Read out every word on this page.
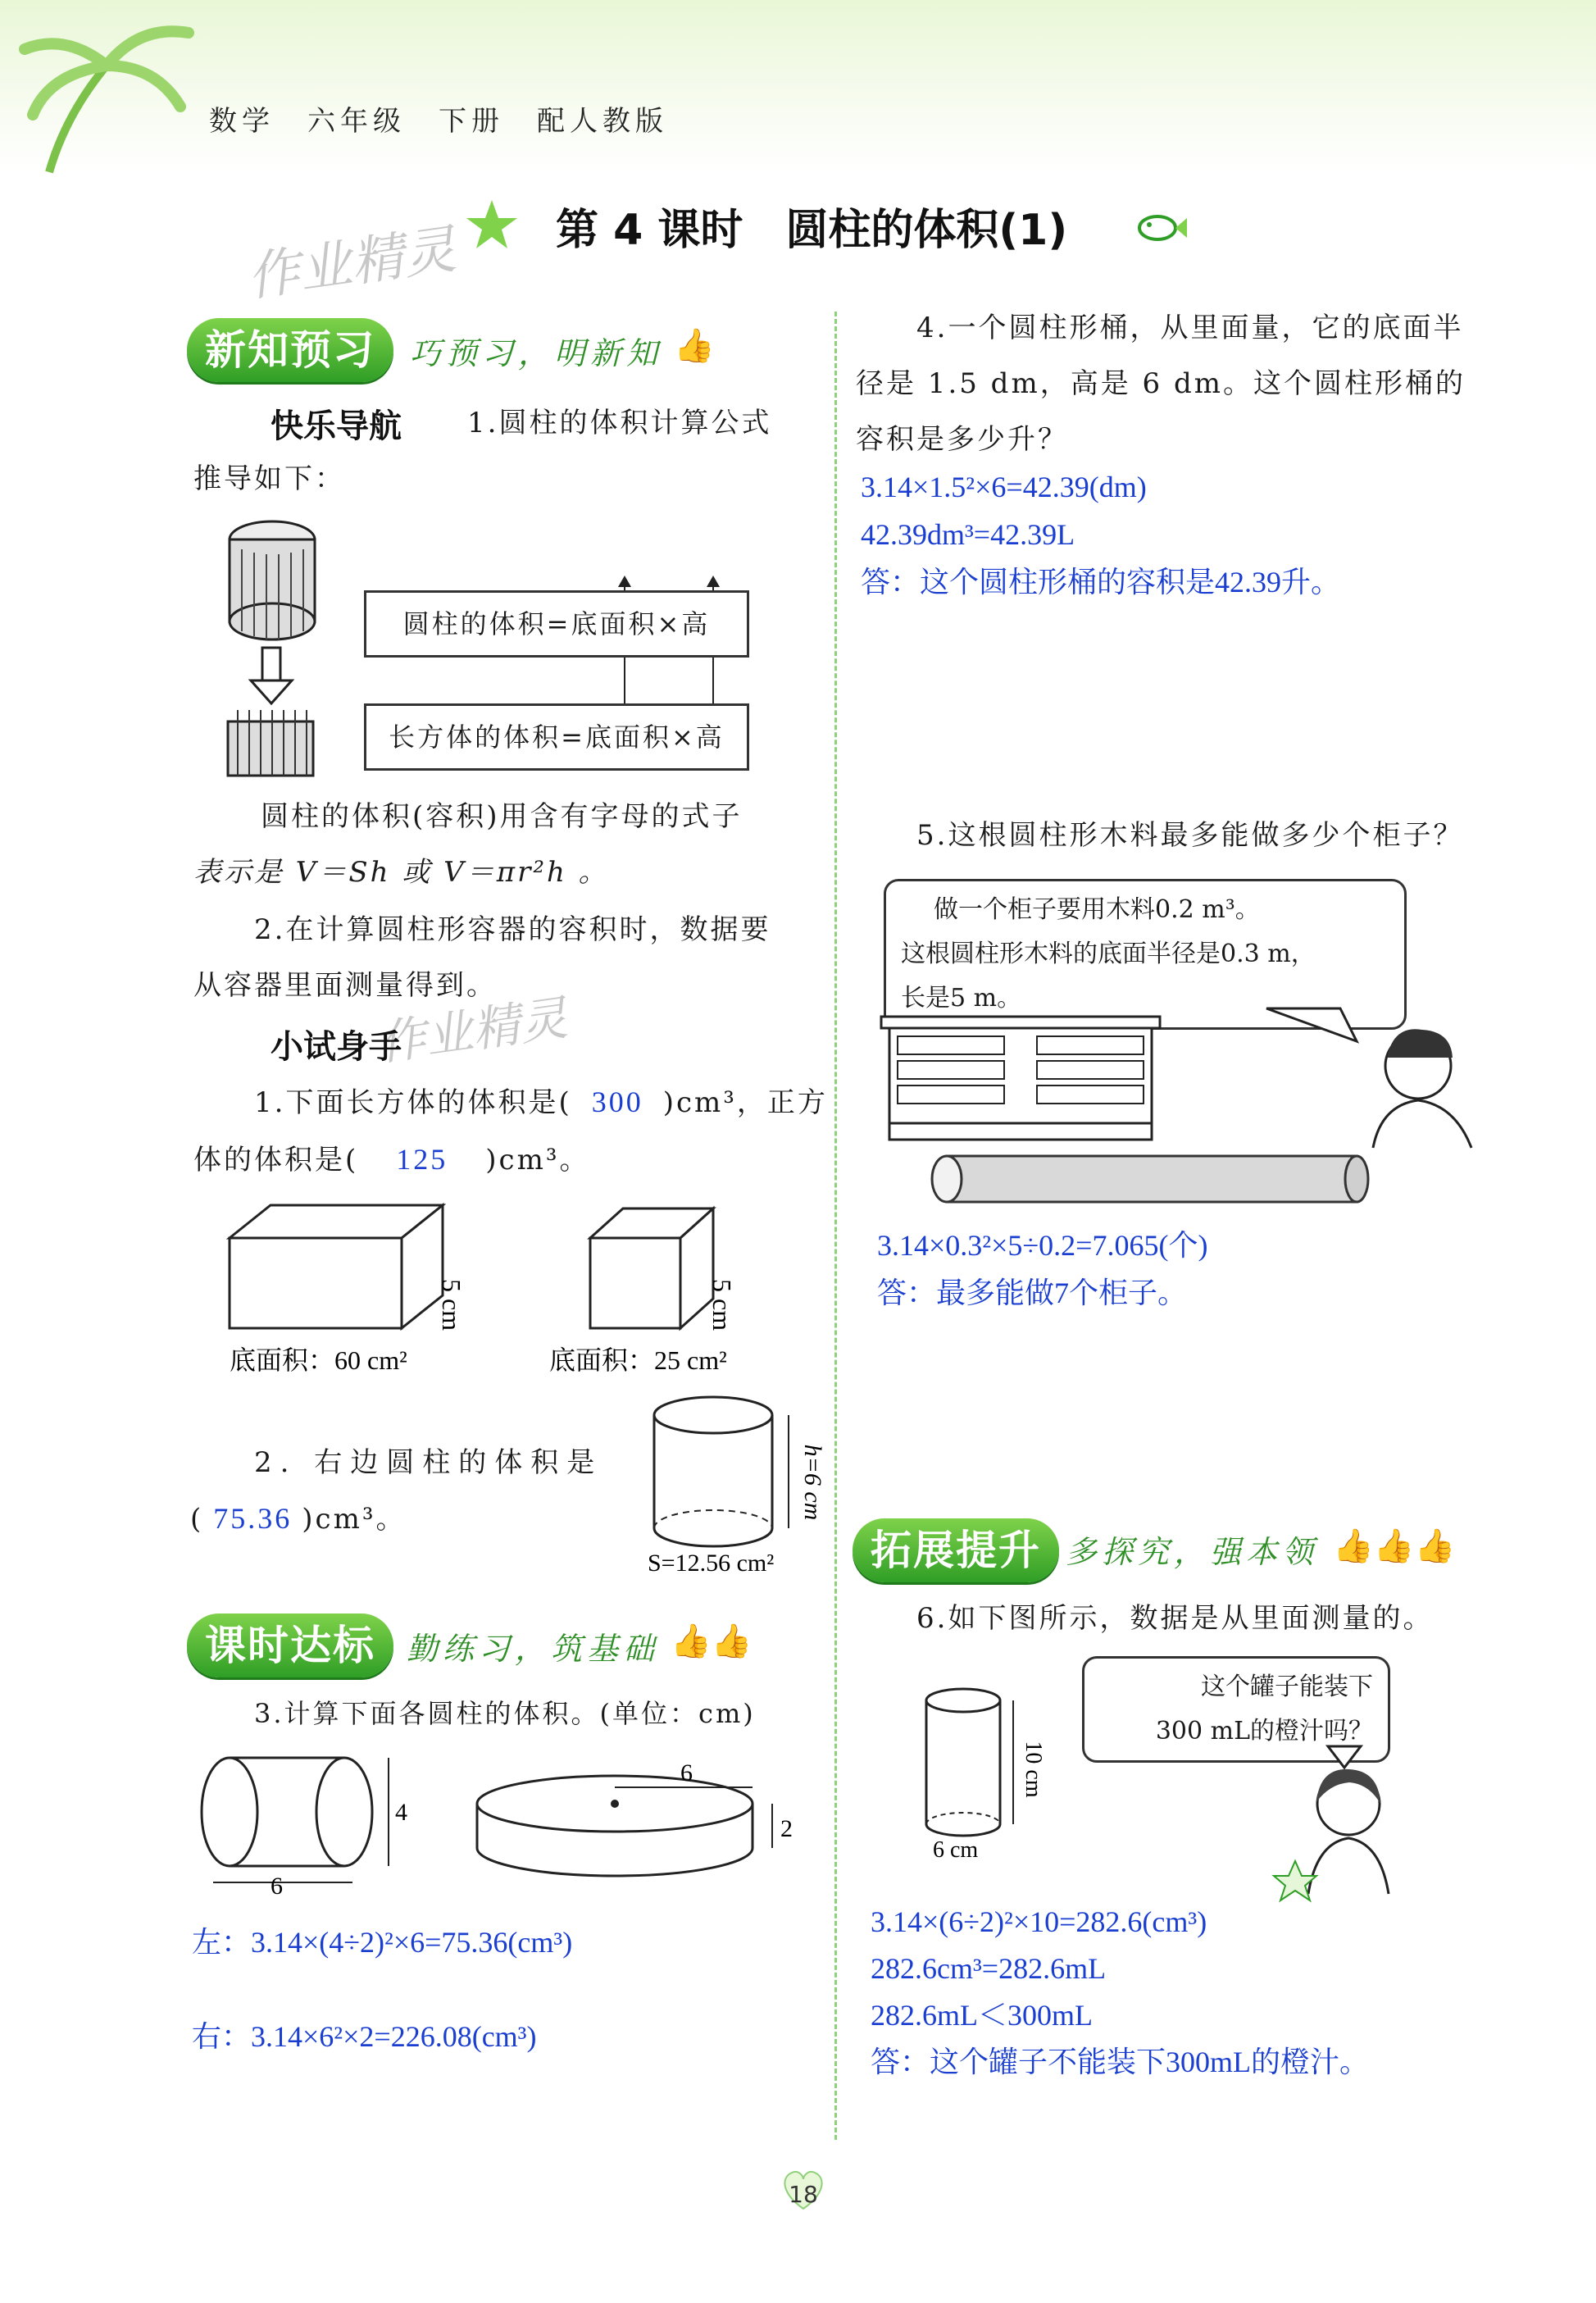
数学　六年级　下册　配人教版
作业精灵 第 4 课时　圆柱的体积(1)
新知预习	巧预习，明新知 👍
快乐导航 1.圆柱的体积计算公式
推导如下：
圆柱的体积=底面积×高
长方体的体积=底面积×高
圆柱的体积(容积)用含有字母的式子
表示是 V＝Sh 或 V＝πr²h 。
2.在计算圆柱形容器的容积时，数据要
从容器里面测量得到。
作业精灵
小试身手
1.下面长方体的体积是( 300 )cm³，正方
体的体积是( 125 )cm³。
5 cm	5 cm
底面积：60 cm²	底面积：25 cm²
2. 右边圆柱的体积是
( 75.36 )cm³。	h=6 cm
S=12.56 cm²
课时达标	勤练习，筑基础 👍👍
3.计算下面各圆柱的体积。(单位：cm)
4
6
6
2
左：3.14×(4÷2)²×6=75.36(cm³)
右：3.14×6²×2=226.08(cm³)
4.一个圆柱形桶，从里面量，它的底面半
径是 1.5 dm，高是 6 dm。这个圆柱形桶的
容积是多少升？
3.14×1.5²×6=42.39(dm)
42.39dm³=42.39L
答：这个圆柱形桶的容积是42.39升。
5.这根圆柱形木料最多能做多少个柜子？
做一个柜子要用木料0.2 m³。
这根圆柱形木料的底面半径是0.3 m，
长是5 m。
3.14×0.3²×5÷0.2=7.065(个)
答：最多能做7个柜子。
拓展提升 多探究，强本领 👍👍👍
6.如下图所示，数据是从里面测量的。
10 cm
6 cm
这个罐子能装下
300 mL的橙汁吗？
3.14×(6÷2)²×10=282.6(cm³)
282.6cm³=282.6mL
282.6mL＜300mL
答：这个罐子不能装下300mL的橙汁。
18
